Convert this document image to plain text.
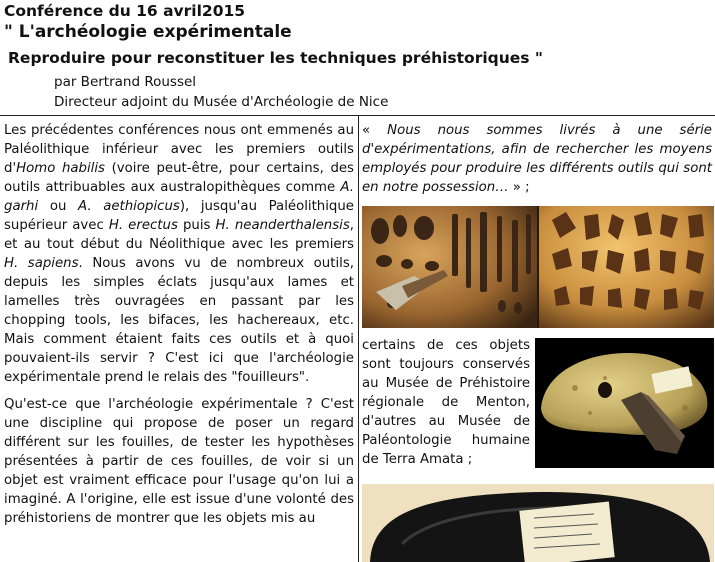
Conférence du 16 avril2015
" L'archéologie expérimentale
Reproduire pour reconstituer les techniques préhistoriques "
par Bertrand Roussel
Directeur adjoint du Musée d'Archéologie de Nice

Les précédentes conférences nous ont emmenés au Paléolithique inférieur avec les premiers outils d'Homo habilis (voire peut-être, pour certains, des outils attribuables aux australopithèques comme A. garhi ou A. aethiopicus), jusqu'au Paléolithique supérieur avec H. erectus puis H. neanderthalensis, et au tout début du Néolithique avec les premiers H. sapiens. Nous avons vu de nombreux outils, depuis les simples éclats jusqu'aux lames et lamelles très ouvragées en passant par les chopping tools, les bifaces, les hachereaux, etc. Mais comment étaient faits ces outils et à quoi pouvaient-ils servir ? C'est ici que l'archéologie expérimentale prend le relais des "fouilleurs".

Qu'est-ce que l'archéologie expérimentale ? C'est une discipline qui propose de poser un regard différent sur les fouilles, de tester les hypothèses présentées à partir de ces fouilles, de voir si un objet est vraiment efficace pour l'usage qu'on lui a imaginé. A l'origine, elle est issue d'une volonté des préhistoriens de montrer que les objets mis au

« Nous nous sommes livrés à une série d'expérimentations, afin de rechercher les moyens employés pour produire les différents outils qui sont en notre possession… » ;

certains de ces objets sont toujours conservés au Musée de Préhistoire régionale de Menton, d'autres au Musée de Paléontologie humaine de Terra Amata ;
